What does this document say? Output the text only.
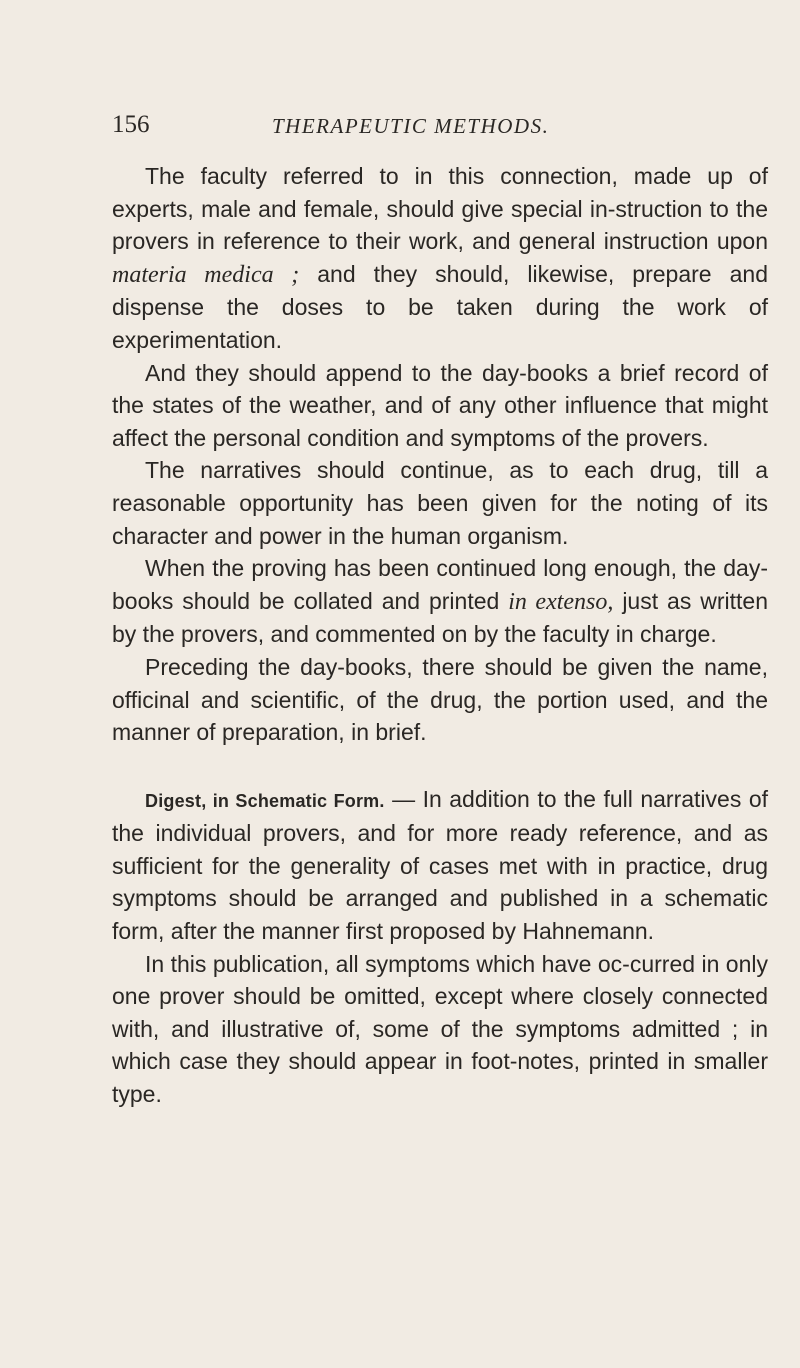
156	THERAPEUTIC METHODS.

The faculty referred to in this connection, made up of experts, male and female, should give special in-struction to the provers in reference to their work, and general instruction upon materia medica ; and they should, likewise, prepare and dispense the doses to be taken during the work of experimentation.

And they should append to the day-books a brief record of the states of the weather, and of any other influence that might affect the personal condition and symptoms of the provers.

The narratives should continue, as to each drug, till a reasonable opportunity has been given for the noting of its character and power in the human organism.

When the proving has been continued long enough, the day-books should be collated and printed in extenso, just as written by the provers, and commented on by the faculty in charge.

Preceding the day-books, there should be given the name, officinal and scientific, of the drug, the portion used, and the manner of preparation, in brief.

Digest, in Schematic Form. — In addition to the full narratives of the individual provers, and for more ready reference, and as sufficient for the generality of cases met with in practice, drug symptoms should be arranged and published in a schematic form, after the manner first proposed by Hahnemann.

In this publication, all symptoms which have oc-curred in only one prover should be omitted, except where closely connected with, and illustrative of, some of the symptoms admitted ; in which case they should appear in foot-notes, printed in smaller type.
